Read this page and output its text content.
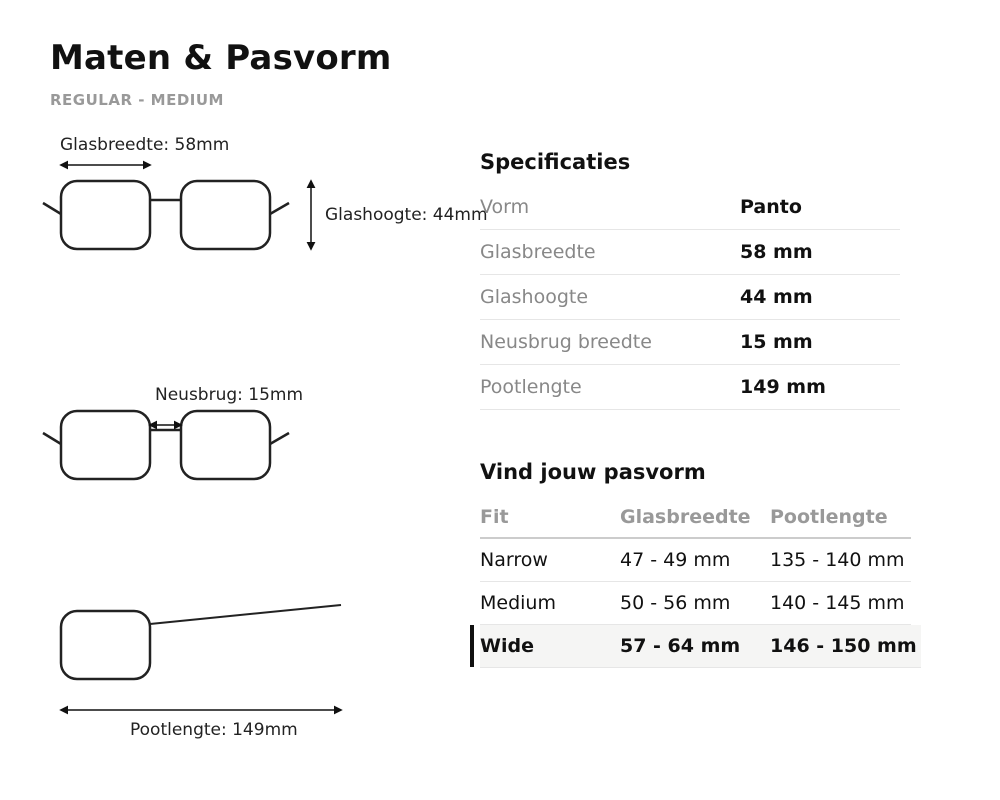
Maten & Pasvorm
REGULAR - MEDIUM
Glasbreedte: 58mm
Glashoogte: 44mm
Neusbrug: 15mm
Pootlengte: 149mm
Specificaties
Vorm	Panto
Glasbreedte	58 mm
Glashoogte	44 mm
Neusbrug breedte	15 mm
Pootlengte	149 mm
Vind jouw pasvorm
Fit	Glasbreedte Pootlengte
Narrow	47 - 49 mm 135 - 140 mm
Medium	50 - 56 mm 140 - 145 mm
Wide	57 - 64 mm 146 - 150 mm
